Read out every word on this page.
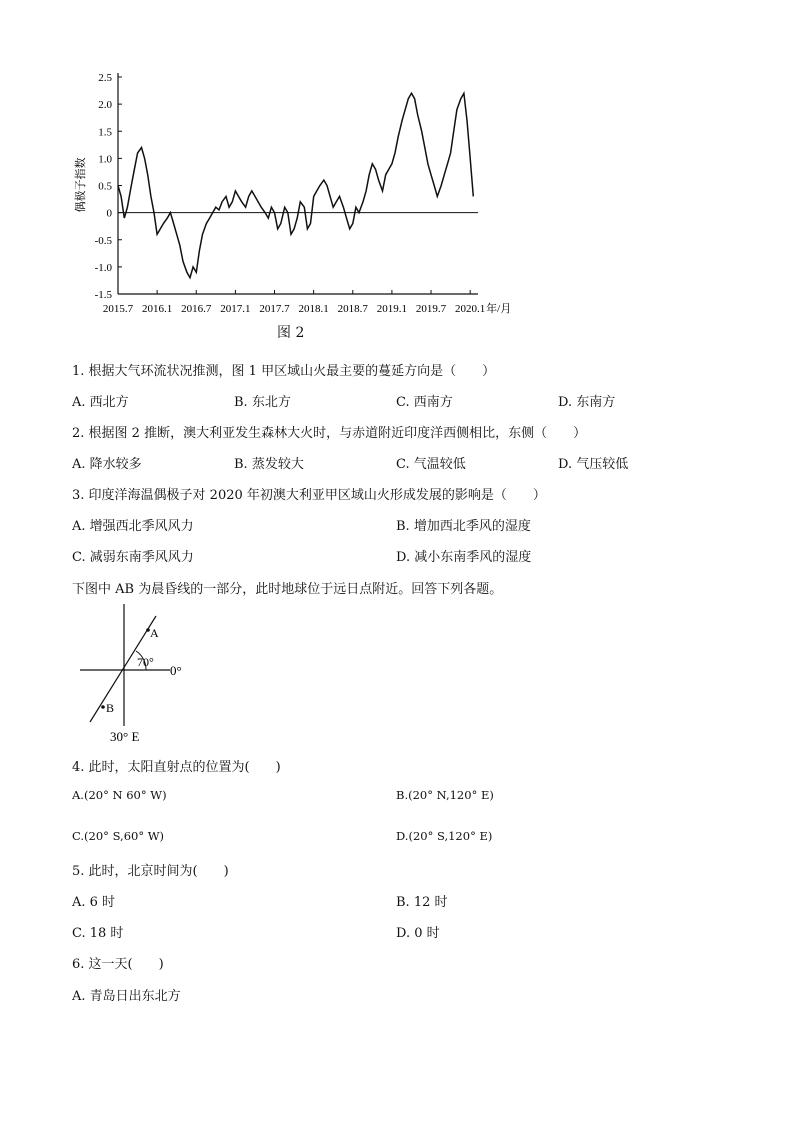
2.5
2.0
1.5
1.0
0.5
0
-0.5
-1.0
-1.5
2015.7 2016.1 2016.7 2017.1 2017.7 2018.1 2018.7 2019.1 2019.7 2020.1 年/月
偶极子指数
图 2
1. 根据大气环流状况推测，图 1 甲区域山火最主要的蔓延方向是（　　）
A. 西北方	B. 东北方	C. 西南方	D. 东南方
2. 根据图 2 推断，澳大利亚发生森林大火时，与赤道附近印度洋西侧相比，东侧（　　）
A. 降水较多	B. 蒸发较大	C. 气温较低	D. 气压较低
3. 印度洋海温偶极子对 2020 年初澳大利亚甲区域山火形成发展的影响是（　　）
A. 增强西北季风风力	B. 增加西北季风的湿度
C. 减弱东南季风风力	D. 减小东南季风的湿度
下图中 AB 为晨昏线的一部分，此时地球位于远日点附近。回答下列各题。
A
B
70°
0°
30° E
4. 此时，太阳直射点的位置为(　　)
A.(20° N 60° W)	B.(20° N,120° E)
C.(20° S,60° W)	D.(20° S,120° E)
5. 此时，北京时间为(　　)
A. 6 时	B. 12 时
C. 18 时	D. 0 时
6. 这一天(　　)
A. 青岛日出东北方
